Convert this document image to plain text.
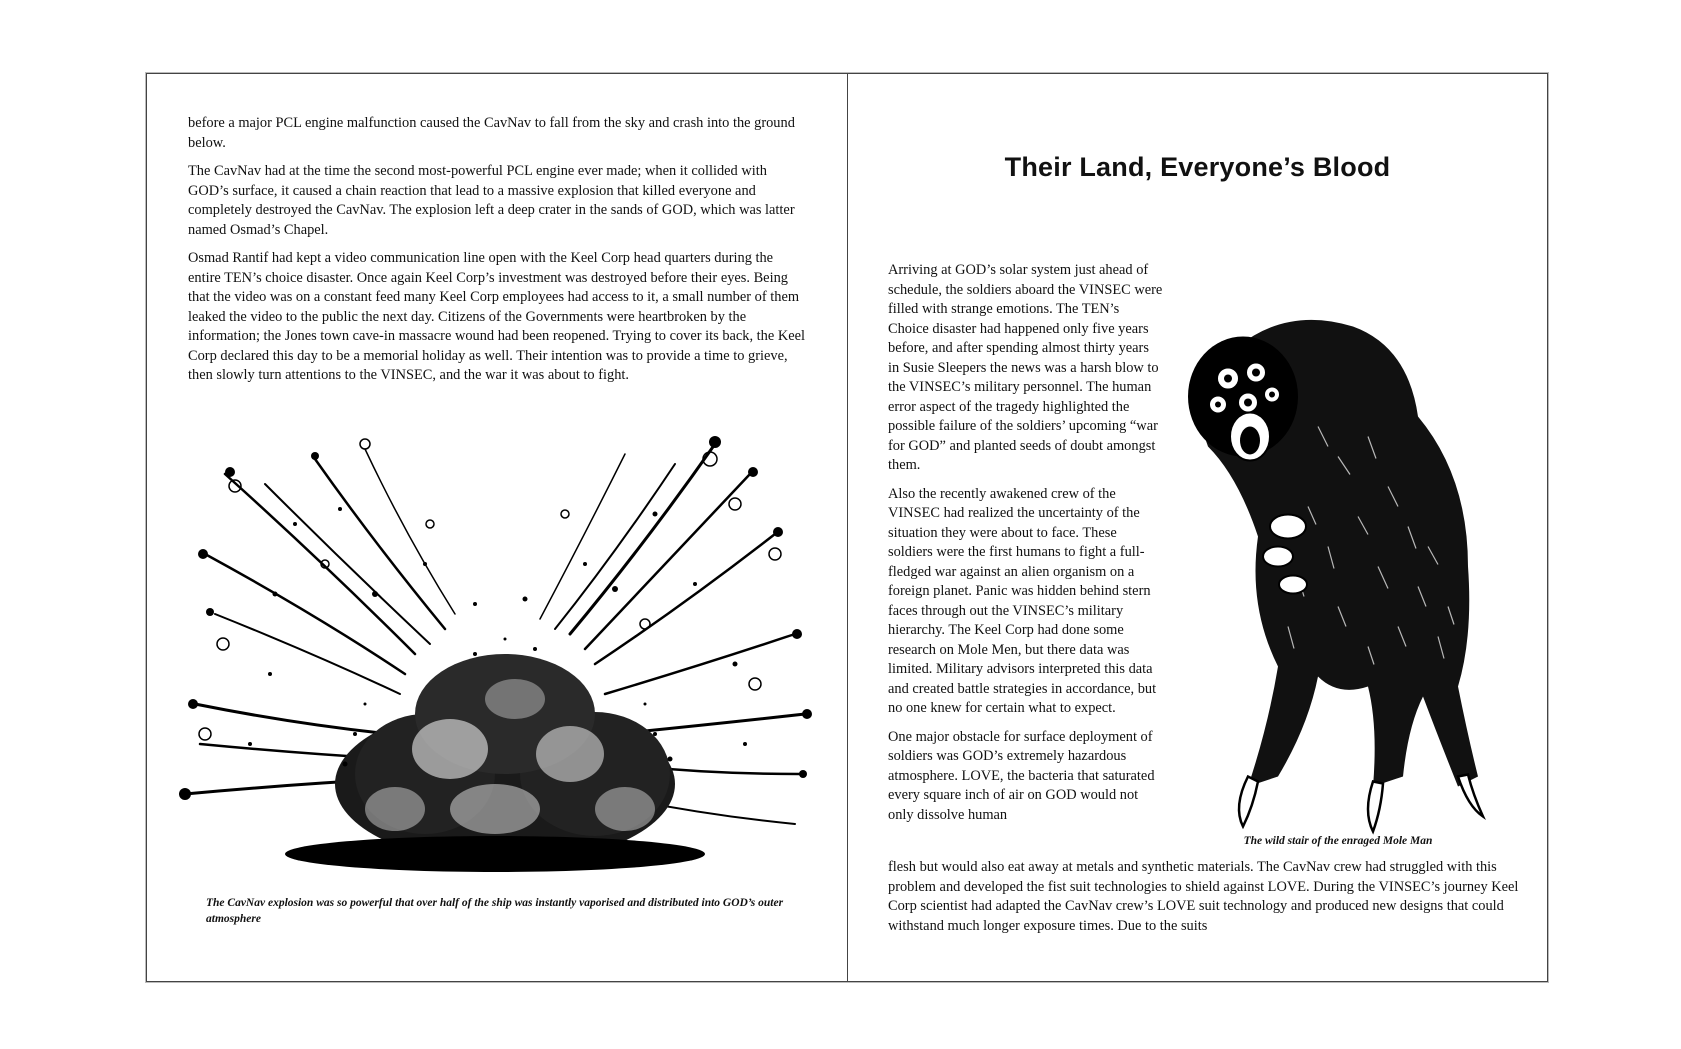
before a major PCL engine malfunction caused the CavNav to fall from the sky and crash into the ground below.

The CavNav had at the time the second most-powerful PCL engine ever made; when it collided with GOD’s surface, it caused a chain reaction that lead to a massive explosion that killed everyone and completely destroyed the CavNav. The explosion left a deep crater in the sands of GOD, which was latter named Osmad’s Chapel.

Osmad Rantif had kept a video communication line open with the Keel Corp head quarters during the entire TEN’s choice disaster. Once again Keel Corp’s investment was destroyed before their eyes. Being that the video was on a constant feed many Keel Corp employees had access to it, a small number of them leaked the video to the public the next day. Citizens of the Governments were heartbroken by the information; the Jones town cave-in massacre wound had been reopened. Trying to cover its back, the Keel Corp declared this day to be a memorial holiday as well. Their intention was to provide a time to grieve, then slowly turn attentions to the VINSEC, and the war it was about to fight.

The CavNav explosion was so powerful that over half of the ship was instantly vaporised and distributed into GOD’s outer atmosphere
Their Land, Everyone’s Blood

Arriving at GOD’s solar system just ahead of schedule, the soldiers aboard the VINSEC were filled with strange emotions. The TEN’s Choice disaster had happened only five years before, and after spending almost thirty years in Susie Sleepers the news was a harsh blow to the VINSEC’s military personnel. The human error aspect of the tragedy highlighted the possible failure of the soldiers’ upcoming “war for GOD” and planted seeds of doubt amongst them.

Also the recently awakened crew of the VINSEC had realized the uncertainty of the situation they were about to face. These soldiers were the first humans to fight a full-fledged war against an alien organism on a foreign planet. Panic was hidden behind stern faces through out the VINSEC’s military hierarchy. The Keel Corp had done some research on Mole Men, but there data was limited. Military advisors interpreted this data and created battle strategies in accordance, but no one knew for certain what to expect.

One major obstacle for surface deployment of soldiers was GOD’s extremely hazardous atmosphere. LOVE, the bacteria that saturated every square inch of air on GOD would not only dissolve human

The wild stair of the enraged Mole Man

flesh but would also eat away at metals and synthetic materials. The CavNav crew had struggled with this problem and developed the fist suit technologies to shield against LOVE. During the VINSEC’s journey Keel Corp scientist had adapted the CavNav crew’s LOVE suit technology and produced new designs that could withstand much longer exposure times. Due to the suits
